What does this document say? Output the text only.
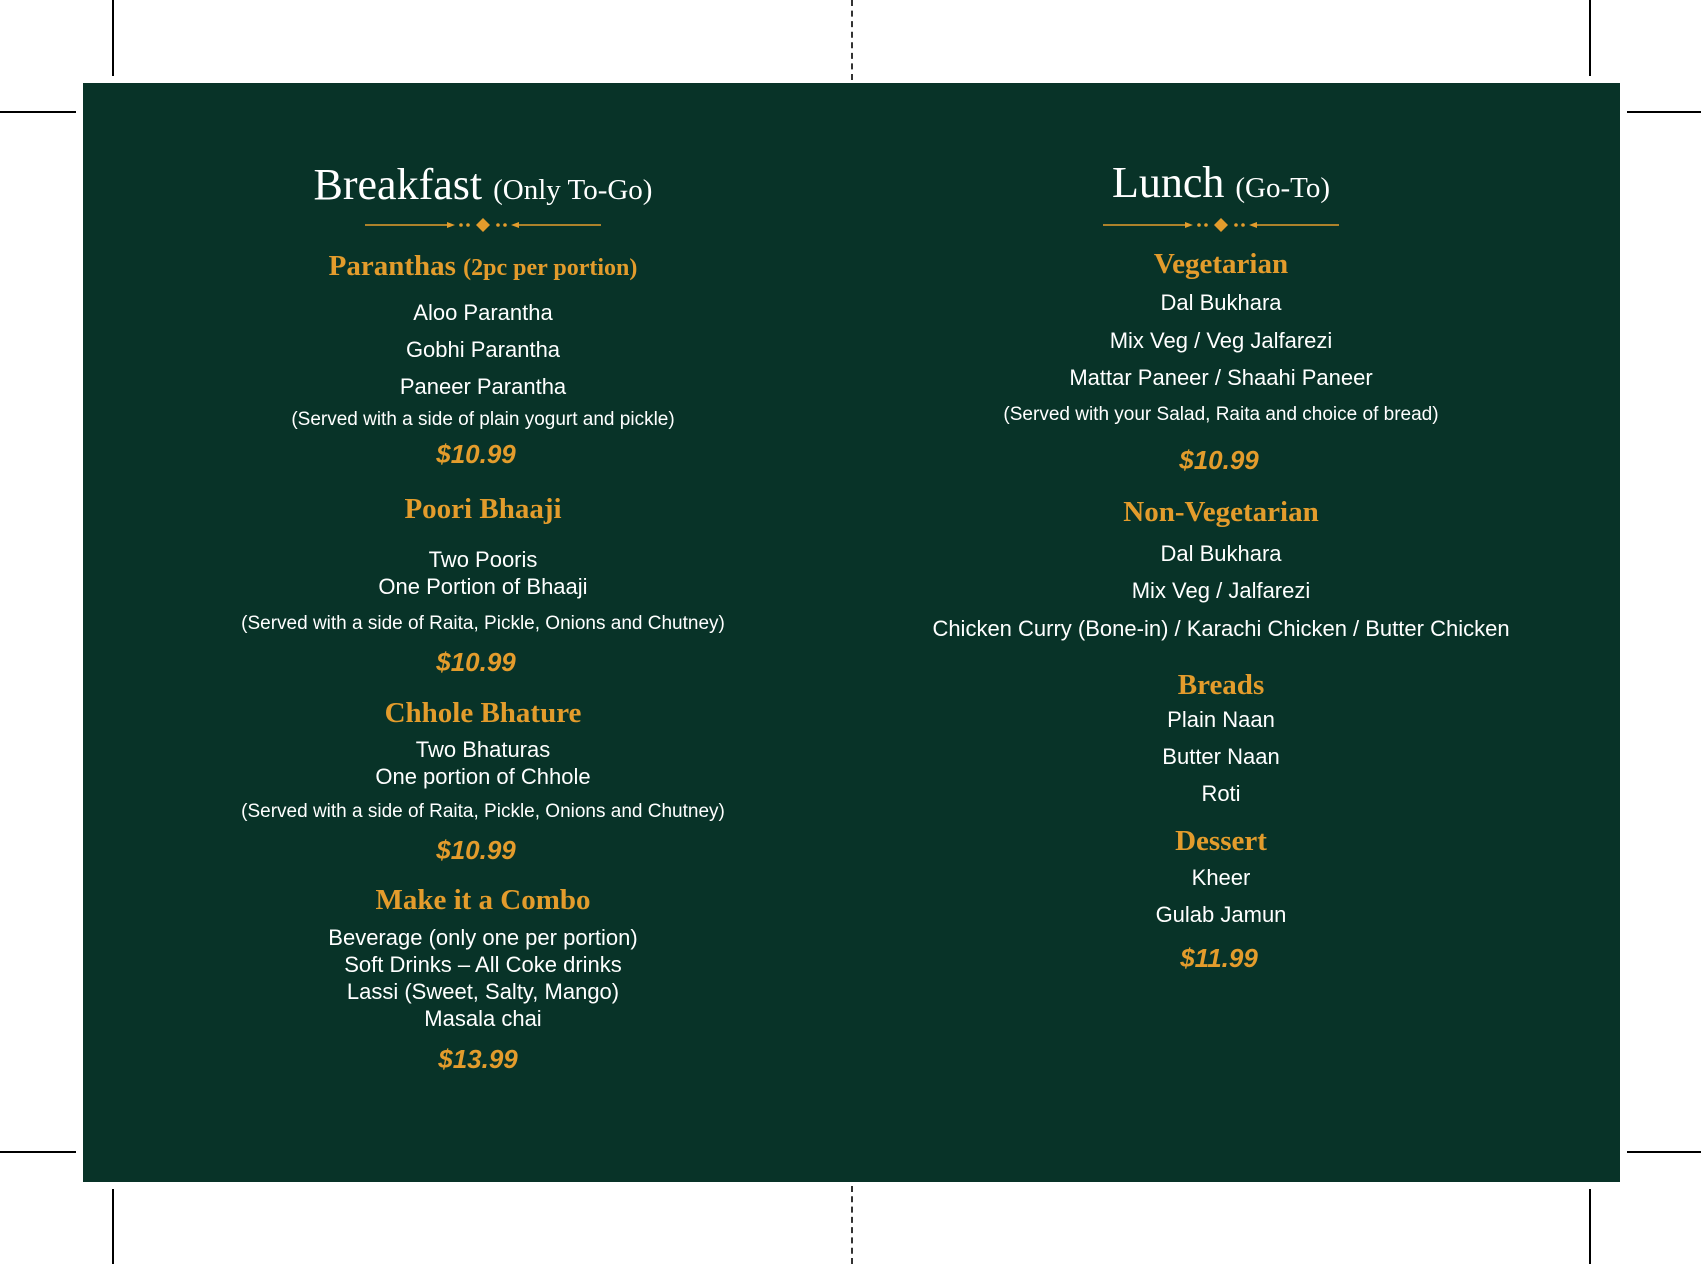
Breakfast (Only To-Go)
Paranthas (2pc per portion)
Aloo Parantha
Gobhi Parantha
Paneer Parantha
(Served with a side of plain yogurt and pickle)
$10.99
Poori Bhaaji
Two Pooris
One Portion of Bhaaji
(Served with a side of Raita, Pickle, Onions and Chutney)
$10.99
Chhole Bhature
Two Bhaturas
One portion of Chhole
(Served with a side of Raita, Pickle, Onions and Chutney)
$10.99
Make it a Combo
Beverage (only one per portion)
Soft Drinks – All Coke drinks
Lassi (Sweet, Salty, Mango)
Masala chai
$13.99
Lunch (Go-To)
Vegetarian
Dal Bukhara
Mix Veg / Veg Jalfarezi
Mattar Paneer / Shaahi Paneer
(Served with your Salad, Raita and choice of bread)
$10.99
Non-Vegetarian
Dal Bukhara
Mix Veg / Jalfarezi
Chicken Curry (Bone-in) / Karachi Chicken / Butter Chicken
Breads
Plain Naan
Butter Naan
Roti
Dessert
Kheer
Gulab Jamun
$11.99
